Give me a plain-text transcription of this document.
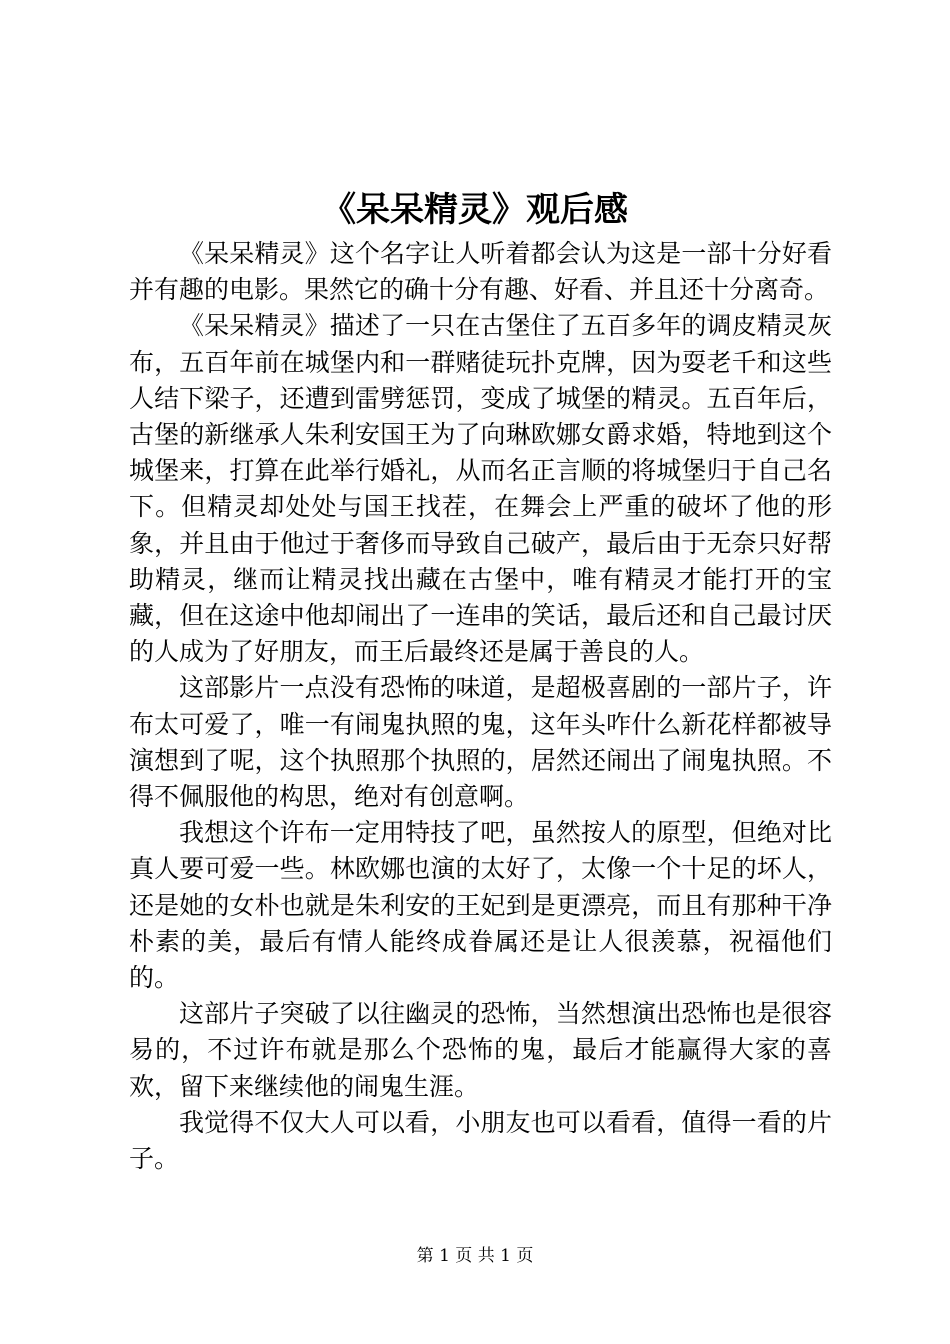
《呆呆精灵》观后感

《呆呆精灵》这个名字让人听着都会认为这是一部十分好看并有趣的电影。果然它的确十分有趣、好看、并且还十分离奇。

《呆呆精灵》描述了一只在古堡住了五百多年的调皮精灵灰布，五百年前在城堡内和一群赌徒玩扑克牌，因为耍老千和这些人结下梁子，还遭到雷劈惩罚，变成了城堡的精灵。五百年后，古堡的新继承人朱利安国王为了向琳欧娜女爵求婚，特地到这个城堡来，打算在此举行婚礼，从而名正言顺的将城堡归于自己名下。但精灵却处处与国王找茬，在舞会上严重的破坏了他的形象，并且由于他过于奢侈而导致自己破产，最后由于无奈只好帮助精灵，继而让精灵找出藏在古堡中，唯有精灵才能打开的宝藏，但在这途中他却闹出了一连串的笑话，最后还和自己最讨厌的人成为了好朋友，而王后最终还是属于善良的人。

这部影片一点没有恐怖的味道，是超极喜剧的一部片子，许布太可爱了，唯一有闹鬼执照的鬼，这年头咋什么新花样都被导演想到了呢，这个执照那个执照的，居然还闹出了闹鬼执照。不得不佩服他的构思，绝对有创意啊。

我想这个许布一定用特技了吧，虽然按人的原型，但绝对比真人要可爱一些。林欧娜也演的太好了，太像一个十足的坏人，还是她的女朴也就是朱利安的王妃到是更漂亮，而且有那种干净朴素的美，最后有情人能终成眷属还是让人很羡慕，祝福他们的。

这部片子突破了以往幽灵的恐怖，当然想演出恐怖也是很容易的，不过许布就是那么个恐怖的鬼，最后才能赢得大家的喜欢，留下来继续他的闹鬼生涯。

我觉得不仅大人可以看，小朋友也可以看看，值得一看的片子。

第 1 页 共 1 页
